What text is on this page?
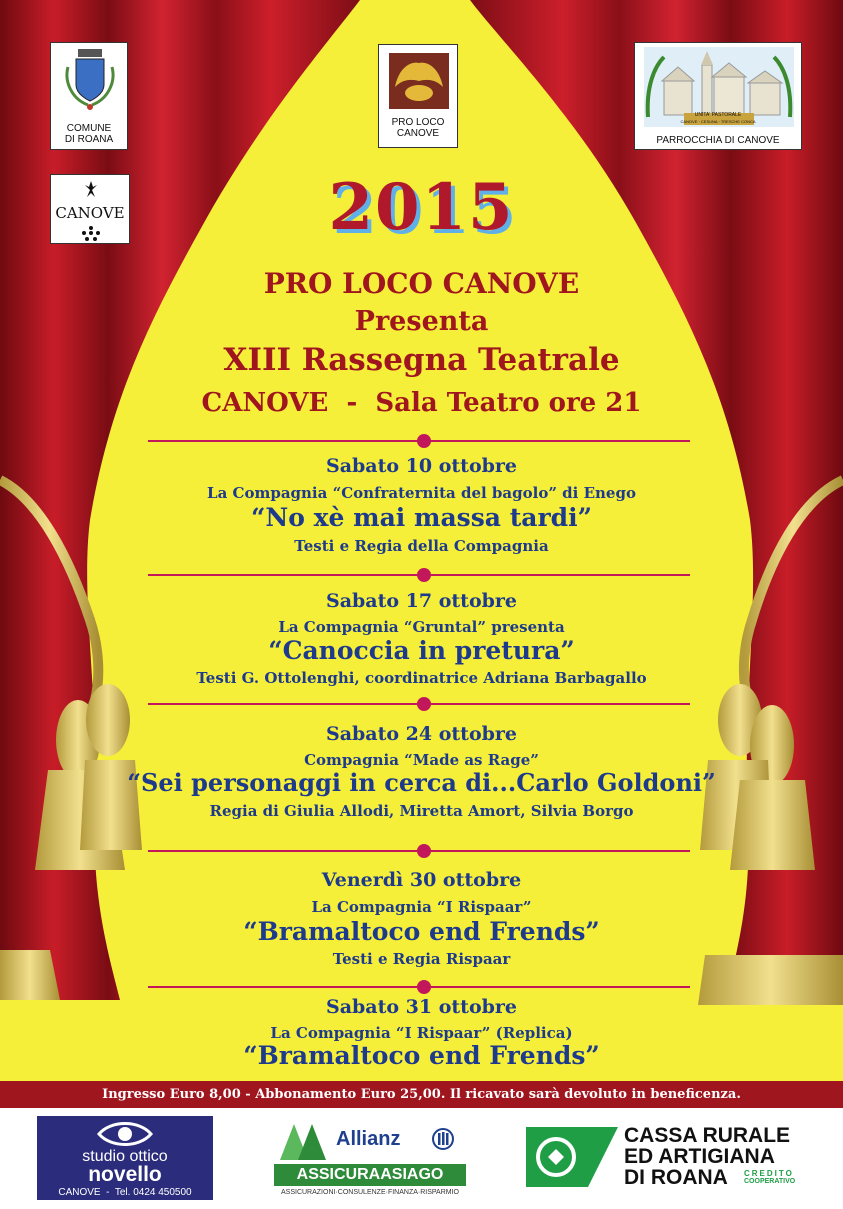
COMUNE
DI ROANA
PRO LOCO
CANOVE
UNITA' PASTORALE
CANOVE · CESUNA · TRESCHE CONCA
PARROCCHIA DI CANOVE
CANOVE	2015
PRO LOCO CANOVE
Presenta
XIII Rassegna Teatrale
CANOVE  -  Sala Teatro ore 21
Sabato 10 ottobre
La Compagnia “Confraternita del bagolo” di Enego
“No xè mai massa tardi”
Testi e Regia della Compagnia
Sabato 17 ottobre
La Compagnia “Gruntal” presenta
“Canoccia in pretura”
Testi G. Ottolenghi, coordinatrice Adriana Barbagallo
Sabato 24 ottobre
Compagnia “Made as Rage”
“Sei personaggi in cerca di...Carlo Goldoni”
Regia di Giulia Allodi, Miretta Amort, Silvia Borgo
Venerdì 30 ottobre
La Compagnia “I Rispaar”
“Bramaltoco end Frends”
Testi e Regia Rispaar
Sabato 31 ottobre
La Compagnia “I Rispaar” (Replica)
“Bramaltoco end Frends”
Ingresso Euro 8,00 - Abbonamento Euro 25,00. Il ricavato sarà devoluto in beneficenza.
studio ottico
novello
CANOVE  -  Tel. 0424 450500
Allianz
ASSICURAASIAGO
ASSICURAZIONI·CONSULENZE·FINANZA·RISPARMIO
CASSA RURALE
ED ARTIGIANA
DI ROANA CREDITO
COOPERATIVO
